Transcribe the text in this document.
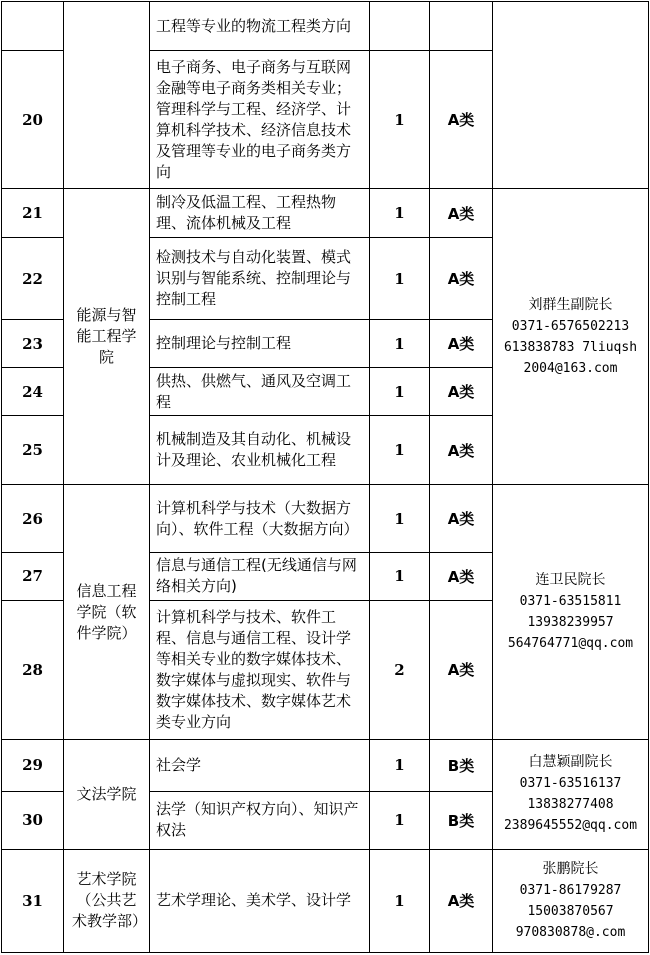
		工程等专业的物流工程类方向			
20		电子商务、电子商务与互联网金融等电子商务类相关专业；管理科学与工程、经济学、计算机科学技术、经济信息技术及管理等专业的电子商务类方向	1	A类	
21	能源与智能工程学院	制冷及低温工程、工程热物理、流体机械及工程	1	A类	刘群生副院长
0371-6576502213
613838783 7liuqsh
2004@163.com

22		检测技术与自动化装置、模式识别与智能系统、控制理论与控制工程	1	A类	
23		控制理论与控制工程	1	A类	
24		供热、供燃气、通风及空调工程	1	A类	
25		机械制造及其自动化、机械设计及理论、农业机械化工程	1	A类	
26	信息工程学院（软件学院）	计算机科学与技术（大数据方向）、软件工程（大数据方向）	1	A类	连卫民院长
0371-63515811
13938239957
564764771@qq.com

27		信息与通信工程(无线通信与网络相关方向)	1	A类	
28		计算机科学与技术、软件工程、信息与通信工程、设计学等相关专业的数字媒体技术、数字媒体与虚拟现实、软件与数字媒体技术、数字媒体艺术类专业方向	2	A类	
29	文法学院	社会学	1	B类	白慧颖副院长
0371-63516137
13838277408
2389645552@qq.com

30		法学（知识产权方向）、知识产权法	1	B类	
31	艺术学院（公共艺术教学部）	艺术学理论、美术学、设计学	1	A类	张鹏院长
0371-86179287
15003870567
970830878@.com
